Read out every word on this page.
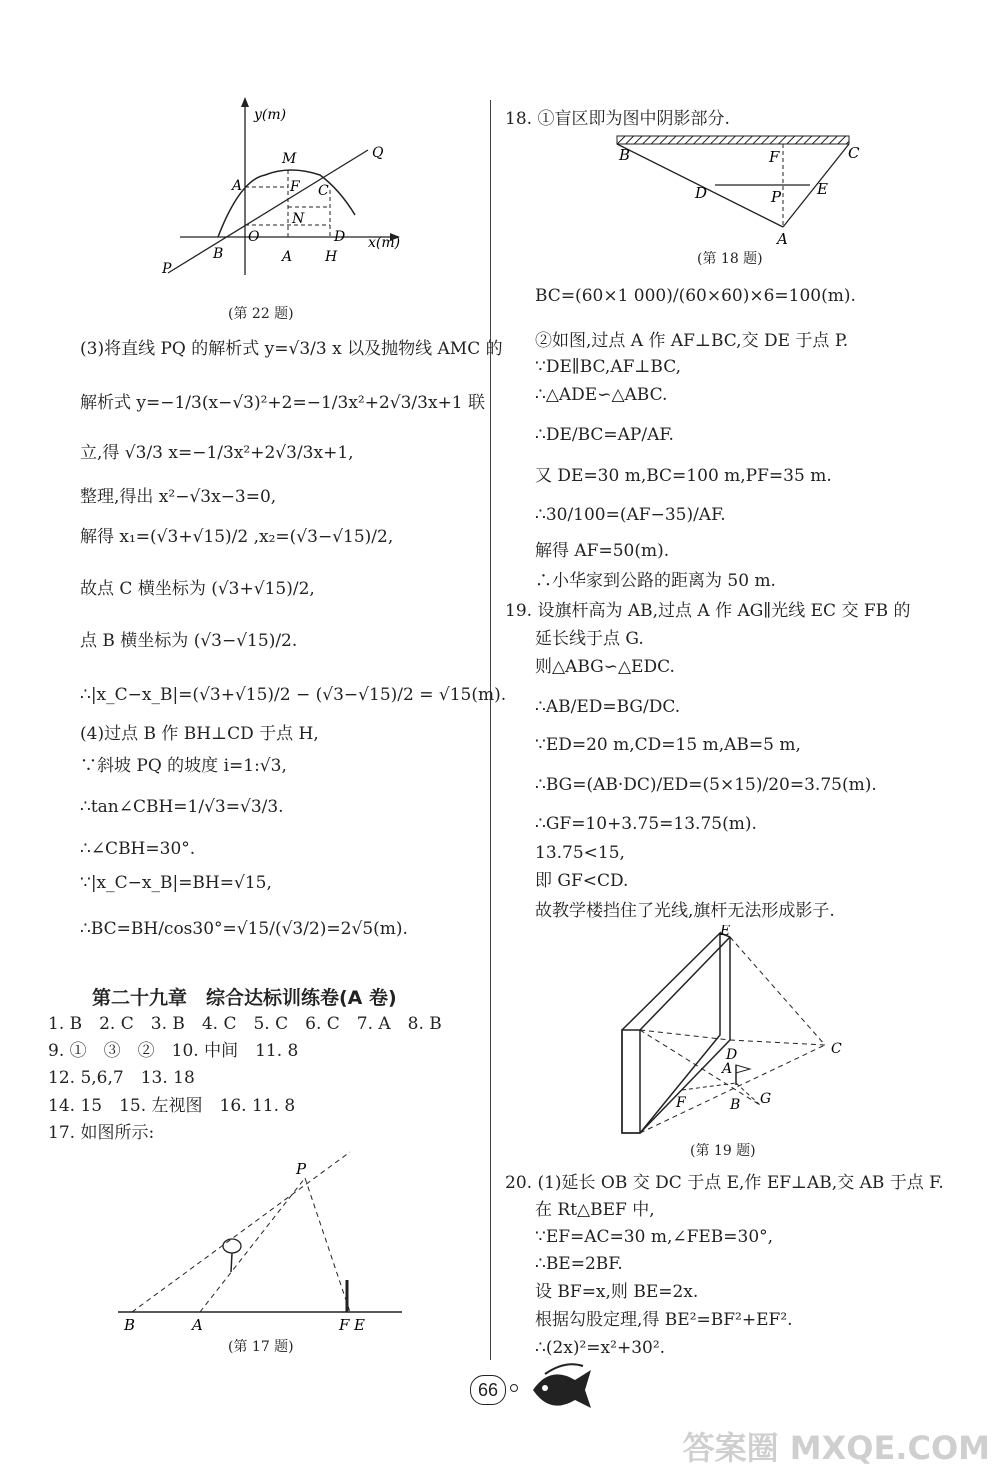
y(m)
M	Q
A	F C
N
O	D x(m)
B	A H
P
(第 22 题)
(3)将直线 PQ 的解析式 y=√3/3 x 以及抛物线 AMC 的
解析式 y=−1/3(x−√3)²+2=−1/3x²+2√3/3x+1 联
立,得 √3/3 x=−1/3x²+2√3/3x+1,
整理,得出 x²−√3x−3=0,
解得 x₁=(√3+√15)/2 ,x₂=(√3−√15)/2,
故点 C 横坐标为 (√3+√15)/2,
点 B 横坐标为 (√3−√15)/2.
∴|x_C−x_B|=(√3+√15)/2 − (√3−√15)/2 = √15(m).
(4)过点 B 作 BH⊥CD 于点 H,
∵斜坡 PQ 的坡度 i=1:√3,
∴tan∠CBH=1/√3=√3/3.
∴∠CBH=30°.
∵|x_C−x_B|=BH=√15,
∴BC=BH/cos30°=√15/(√3/2)=2√5(m).
第二十九章　综合达标训练卷(A 卷)
1. B　2. C　3. B　4. C　5. C　6. C　7. A　8. B
9. ①　③　②　10. 中间　11. 8
12. 5,6,7　13. 18
14. 15　15. 左视图　16. 11. 8
17. 如图所示:
P
B	A	F E
(第 17 题)
18. ①盲区即为图中阴影部分.
B	F	C
D	P E
A
(第 18 题)
BC=(60×1 000)/(60×60)×6=100(m).
②如图,过点 A 作 AF⊥BC,交 DE 于点 P.
∵DE∥BC,AF⊥BC,
∴△ADE∽△ABC.
∴DE/BC=AP/AF.
又 DE=30 m,BC=100 m,PF=35 m.
∴30/100=(AF−35)/AF.
解得 AF=50(m).
∴小华家到公路的距离为 50 m.
19. 设旗杆高为 AB,过点 A 作 AG∥光线 EC 交 FB 的
延长线于点 G.
则△ABG∽△EDC.
∴AB/ED=BG/DC.
∵ED=20 m,CD=15 m,AB=5 m,
∴BG=(AB·DC)/ED=(5×15)/20=3.75(m).
∴GF=10+3.75=13.75(m).
13.75<15,
即 GF<CD.
故教学楼挡住了光线,旗杆无法形成影子.
E
D	C
A
F	B G
(第 19 题)
20. (1)延长 OB 交 DC 于点 E,作 EF⊥AB,交 AB 于点 F.
在 Rt△BEF 中,
∵EF=AC=30 m,∠FEB=30°,
∴BE=2BF.
设 BF=x,则 BE=2x.
根据勾股定理,得 BE²=BF²+EF².
∴(2x)²=x²+30².
66
答案圈 MXQE.COM
